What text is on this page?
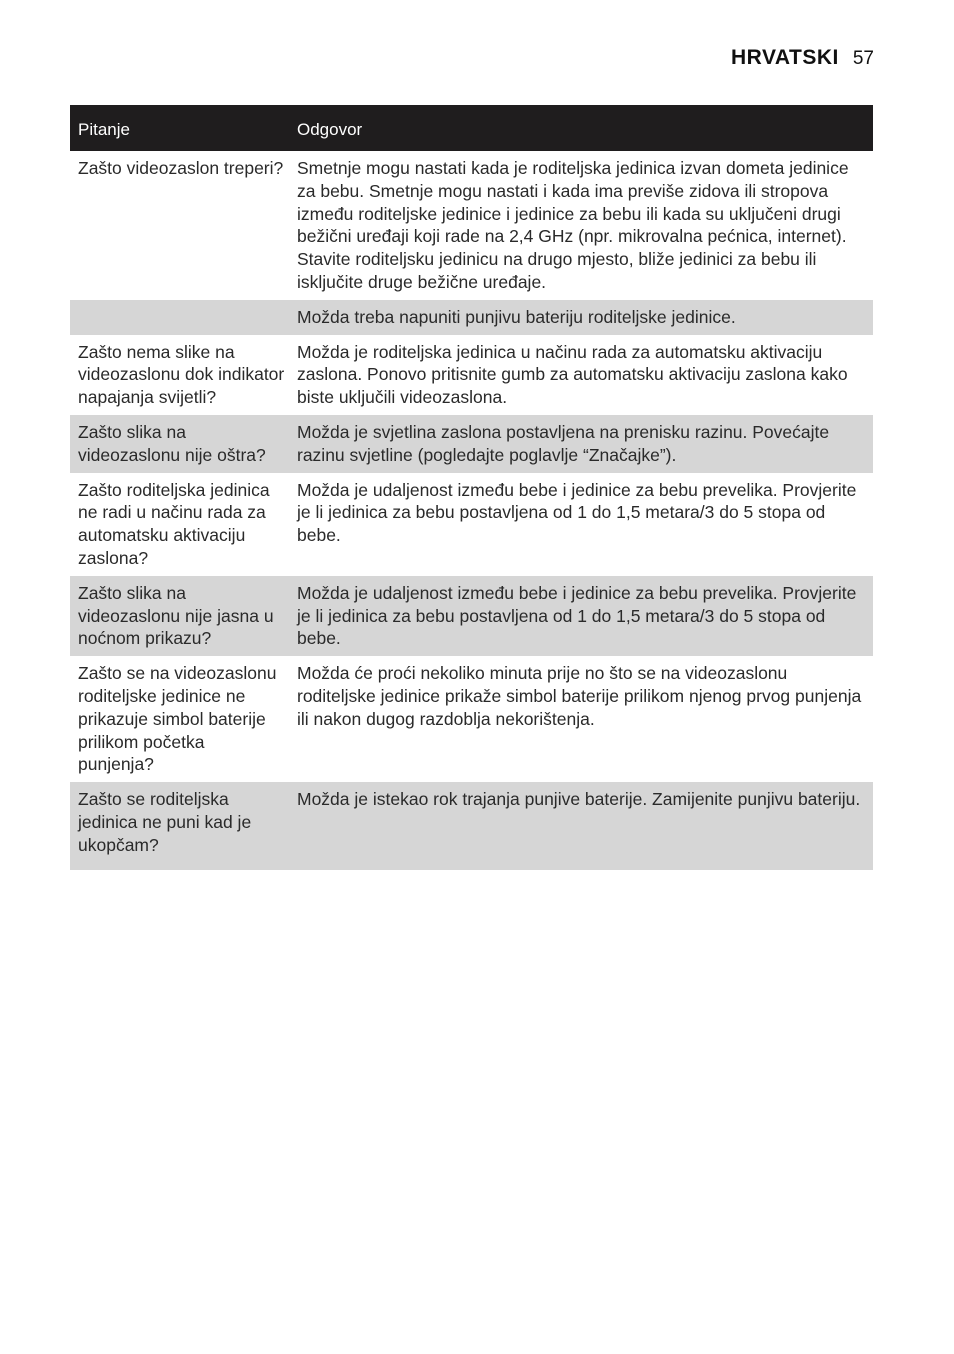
HRVATSKI 57
Pitanje	Odgovor
Zašto videozaslon treperi?	Smetnje mogu nastati kada je roditeljska jedinica izvan dometa jedinice za bebu. Smetnje mogu nastati i kada ima previše zidova ili stropova između roditeljske jedinice i jedinice za bebu ili kada su uključeni drugi bežični uređaji koji rade na 2,4 GHz (npr. mikrovalna pećnica, internet). Stavite roditeljsku jedinicu na drugo mjesto, bliže jedinici za bebu ili isključite druge bežične uređaje.
	Možda treba napuniti punjivu bateriju roditeljske jedinice.
Zašto nema slike na videozaslonu dok indikator napajanja svijetli?	Možda je roditeljska jedinica u načinu rada za automatsku aktivaciju zaslona. Ponovo pritisnite gumb za automatsku aktivaciju zaslona kako biste uključili videozaslona.
Zašto slika na videozaslonu nije oštra?	Možda je svjetlina zaslona postavljena na prenisku razinu. Povećajte razinu svjetline (pogledajte poglavlje “Značajke”).
Zašto roditeljska jedinica ne radi u načinu rada za automatsku aktivaciju zaslona?	Možda je udaljenost između bebe i jedinice za bebu prevelika. Provjerite je li jedinica za bebu postavljena od 1 do 1,5 metara/3 do 5 stopa od bebe.
Zašto slika na videozaslonu nije jasna u noćnom prikazu?	Možda je udaljenost između bebe i jedinice za bebu prevelika. Provjerite je li jedinica za bebu postavljena od 1 do 1,5 metara/3 do 5 stopa od bebe.
Zašto se na videozaslonu roditeljske jedinice ne prikazuje simbol baterije prilikom početka punjenja?	Možda će proći nekoliko minuta prije no što se na videozaslonu roditeljske jedinice prikaže simbol baterije prilikom njenog prvog punjenja ili nakon dugog razdoblja nekorištenja.
Zašto se roditeljska jedinica ne puni kad je ukopčam?	Možda je istekao rok trajanja punjive baterije. Zamijenite punjivu bateriju.
